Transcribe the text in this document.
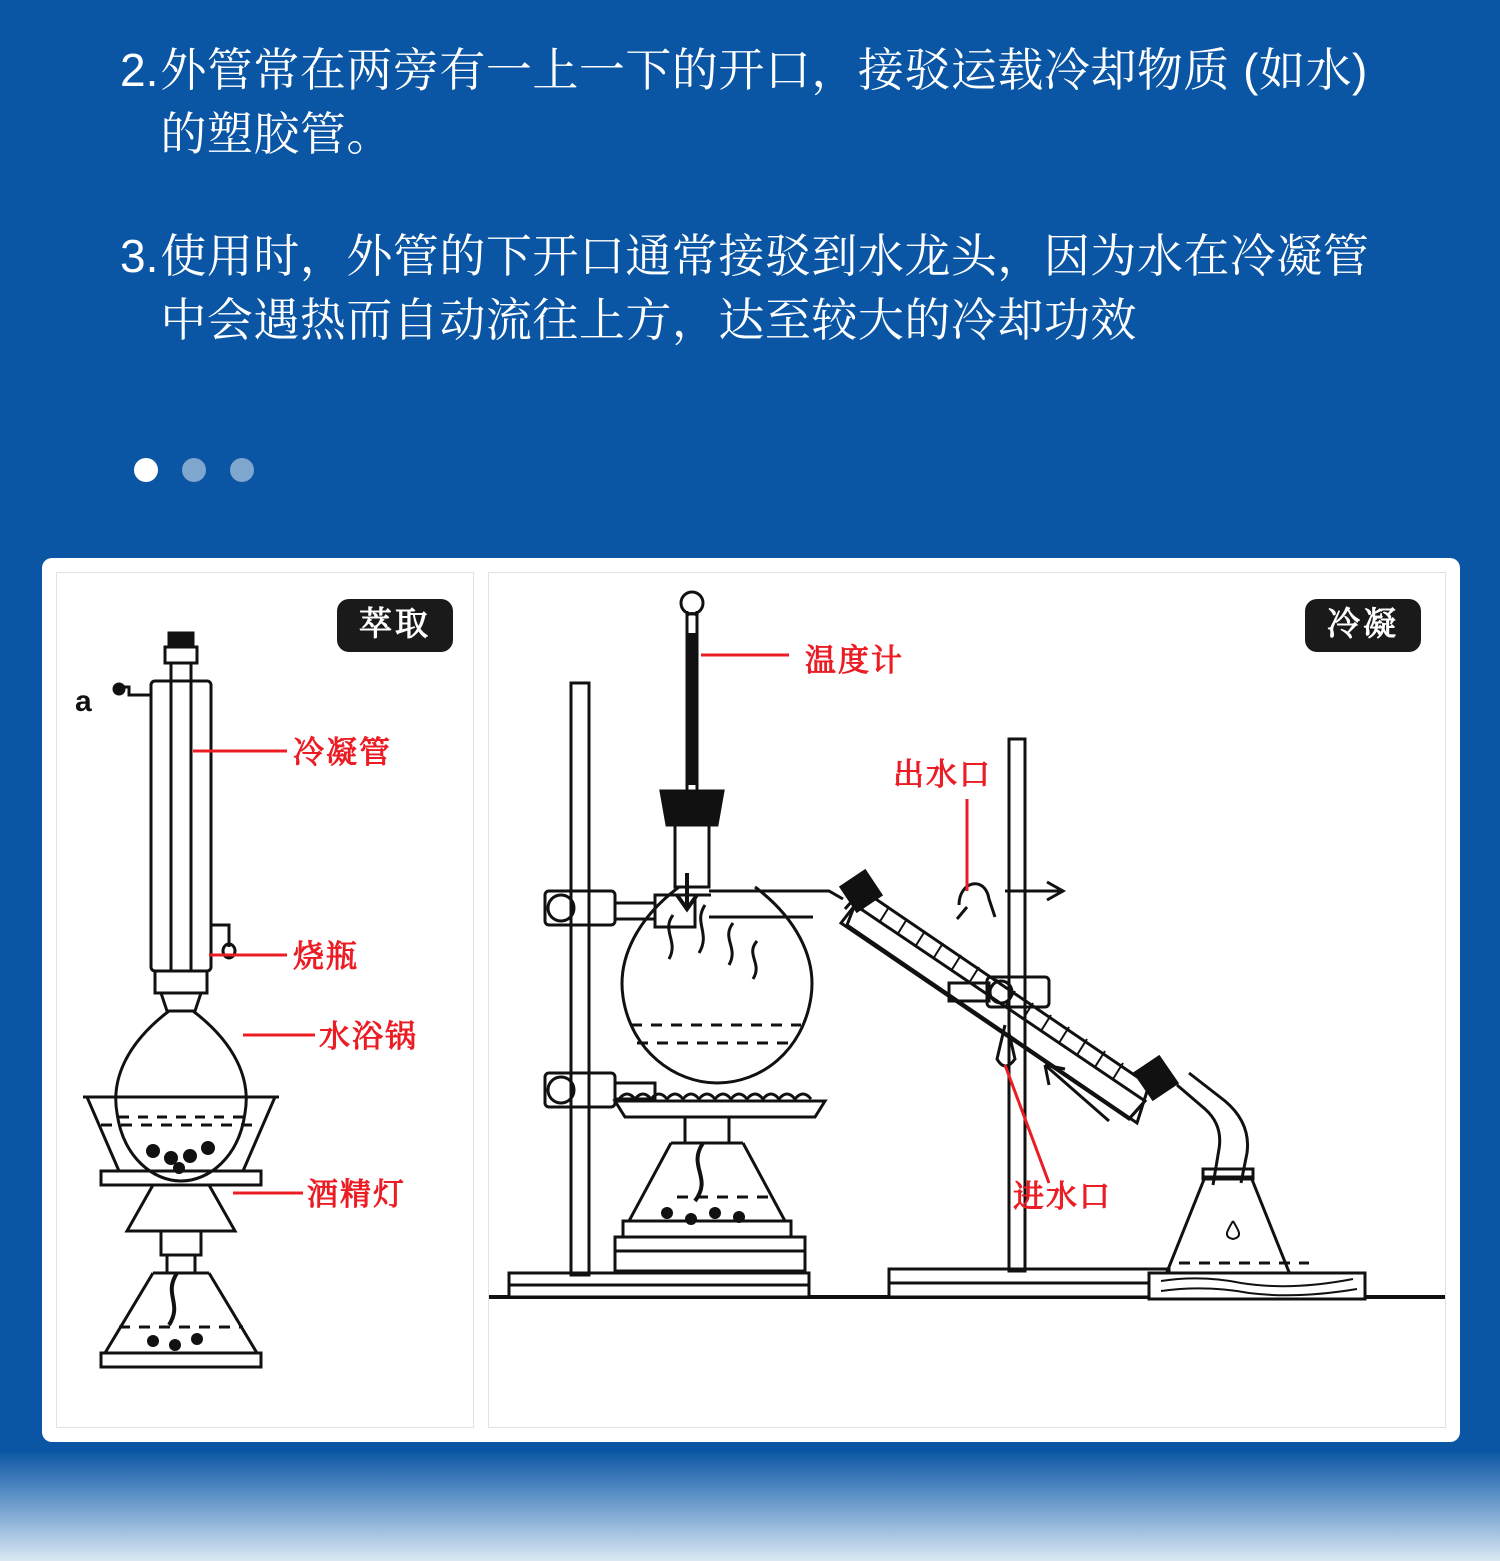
2. 外管常在两旁有一上一下的开口，接驳运载冷却物质 (如水) 的塑胶管。
3. 使用时，外管的下开口通常接驳到水龙头，因为水在冷凝管中会遇热而自动流往上方，达至较大的冷却功效
萃取
a
冷凝管
烧瓶
水浴锅
酒精灯
冷凝
温度计
出水口
进水口
